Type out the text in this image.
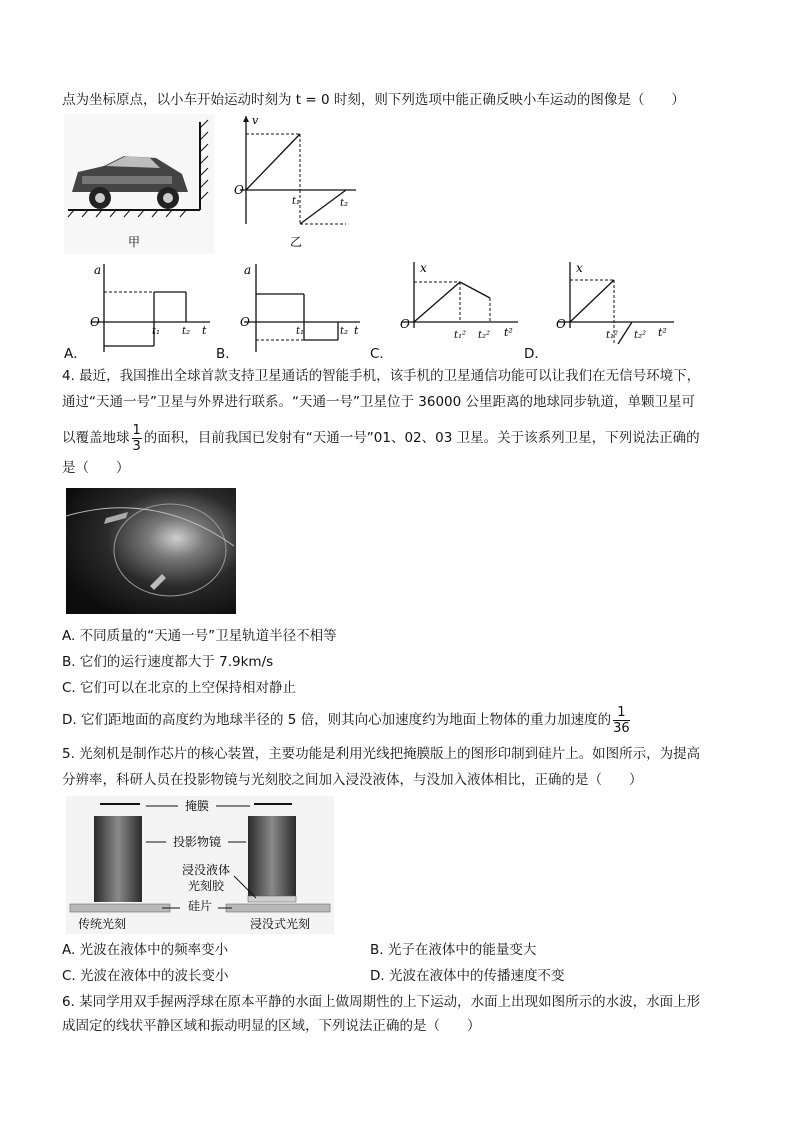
点为坐标原点，以小车开始运动时刻为 t = 0 时刻，则下列选项中能正确反映小车运动的图像是（　　）
甲
v
O
t₁	t₂
乙
a
O
t₁ t₂ t
A．
a
O
t₁	t₂ t
B．
x
O
t₁² t₂² t²
C．
x
O
t₁² t₂² t²
D．
4. 最近，我国推出全球首款支持卫星通话的智能手机，该手机的卫星通信功能可以让我们在无信号环境下，
通过“天通一号”卫星与外界进行联系。“天通一号”卫星位于 36000 公里距离的地球同步轨道，单颗卫星可
以覆盖地球 $\frac{1}{3}$ 的面积，目前我国已发射有“天通一号”01、02、03 卫星。关于该系列卫星，下列说法正确的
是（　　）
A. 不同质量的“天通一号”卫星轨道半径不相等
B. 它们的运行速度都大于 7.9km/s
C. 它们可以在北京的上空保持相对静止
D. 它们距地面的高度约为地球半径的 5 倍，则其向心加速度约为地面上物体的重力加速度的 $\frac{1}{36}$
5. 光刻机是制作芯片的核心装置，主要功能是利用光线把掩膜版上的图形印制到硅片上。如图所示，为提高
分辨率，科研人员在投影物镜与光刻胶之间加入浸没液体，与没加入液体相比，正确的是（　　）
掩膜
投影物镜
浸没液体
光刻胶
传统光刻
硅片
浸没式光刻
A. 光波在液体中的频率变小	B. 光子在液体中的能量变大
C. 光波在液体中的波长变小	D. 光波在液体中的传播速度不变
6. 某同学用双手握两浮球在原本平静的水面上做周期性的上下运动，水面上出现如图所示的水波，水面上形
成固定的线状平静区域和振动明显的区域，下列说法正确的是（　　）
